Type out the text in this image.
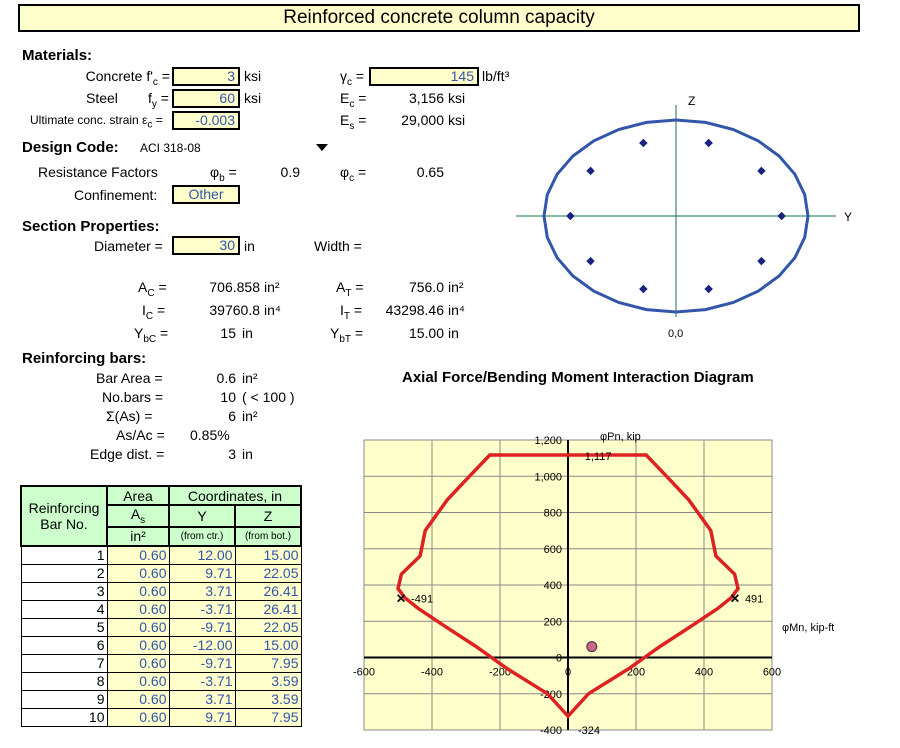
Reinforced concrete column capacity
Materials:
Concrete $f'_c$ =	3 ksi
Steel $f_y$ =	60 ksi
Ultimate conc. strain $\varepsilon_c$ =	-0.003
$\gamma_c$ =	145 lb/ft³
$E_c$ =	3,156 ksi
$E_s$ =	29,000 ksi
Design Code: ACI 318-08
Resistance Factors	$\varphi_b$ =	0.9	$\varphi_c$ =	0.65
Confinement:	Other
Section Properties:
Diameter =	30 in	Width =
$A_C$ =	706.858 in²
$I_C$ =	39760.8 in⁴
$Y_{bC}$ =	15 in
$A_T$ =	756.0 in²
$I_T$ =	43298.46 in⁴
$Y_{bT}$ =	15.00 in
Reinforcing bars:
Bar Area =	0.6 in²
No.bars =	10 ( < 100 )
Σ(As) =	6 in²
As/Ac = 0.85%
Edge dist. =	3 in
Reinforcing Bar No.	Area	Coordinates, in	
	$A_s$	Y	Z
	in²	(from ctr.)	(from bot.)
1	0.60	12.00	15.00
2	0.60	9.71	22.05
3	0.60	3.71	26.41
4	0.60	-3.71	26.41
5	0.60	-9.71	22.05
6	0.60	-12.00	15.00
7	0.60	-9.71	7.95
8	0.60	-3.71	3.59
9	0.60	3.71	3.59
10	0.60	9.71	7.95
Z
Y
0,0
Axial Force/Bending Moment Interaction Diagram
-600	-400	-200	0	200	400	600
-400
-200
0
200
400
600
800
1,000
1,200
1,117
× -491	× 491
-324
φPn, kip
φMn, kip-ft
